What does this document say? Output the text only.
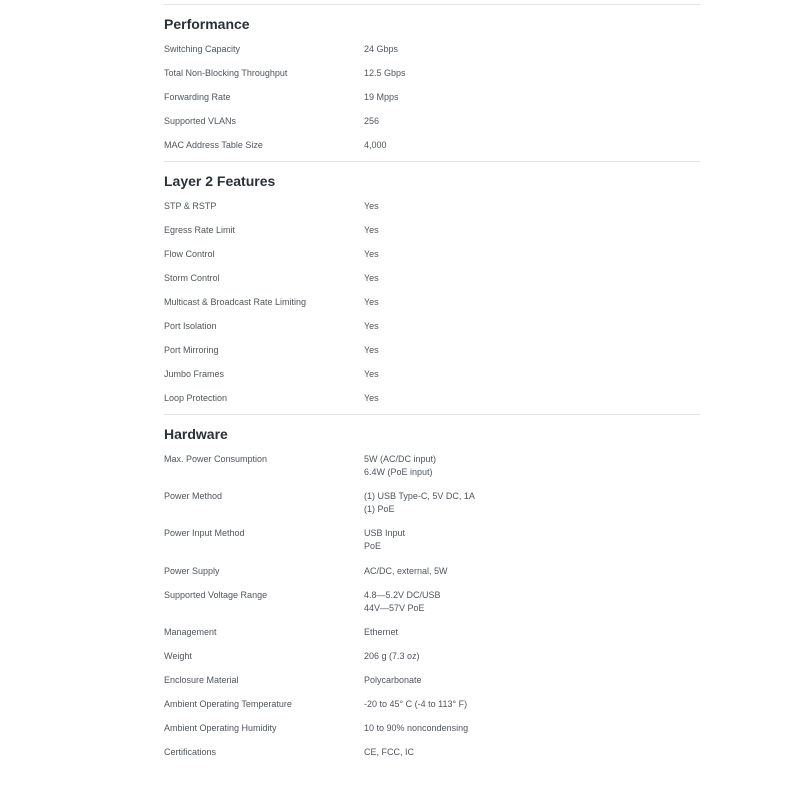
Performance
Switching Capacity	24 Gbps
Total Non-Blocking Throughput	12.5 Gbps
Forwarding Rate	19 Mpps
Supported VLANs	256
MAC Address Table Size	4,000
Layer 2 Features
STP & RSTP	Yes
Egress Rate Limit	Yes
Flow Control	Yes
Storm Control	Yes
Multicast & Broadcast Rate Limiting	Yes
Port Isolation	Yes
Port Mirroring	Yes
Jumbo Frames	Yes
Loop Protection	Yes
Hardware
Max. Power Consumption	5W (AC/DC input)
6.4W (PoE input)
Power Method	(1) USB Type-C, 5V DC, 1A
(1) PoE
Power Input Method	USB Input
PoE
Power Supply	AC/DC, external, 5W
Supported Voltage Range	4.8—5.2V DC/USB
44V—57V PoE
Management	Ethernet
Weight	206 g (7.3 oz)
Enclosure Material	Polycarbonate
Ambient Operating Temperature	-20 to 45° C (-4 to 113° F)
Ambient Operating Humidity	10 to 90% noncondensing
Certifications	CE, FCC, IC
